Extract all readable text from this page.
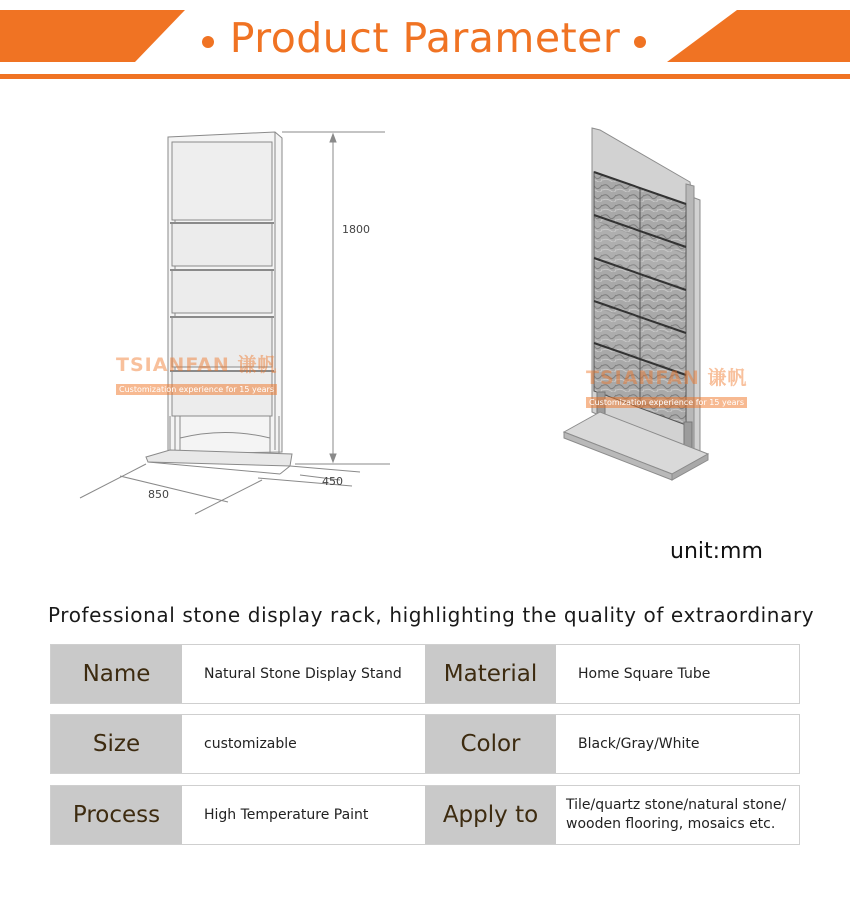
Product Parameter
1800
850
450
TSIANFAN 谦帆
Customization experience for 15 years
TSIANFAN 谦帆
Customization experience for 15 years
unit:mm
Professional stone display rack, highlighting the quality of extraordinary
Name	Natural Stone Display Stand	Material	Home Square Tube
Size	customizable	Color	Black/Gray/White
Process	High Temperature Paint	Apply to	Tile/quartz stone/natural stone/
wooden flooring, mosaics etc.
